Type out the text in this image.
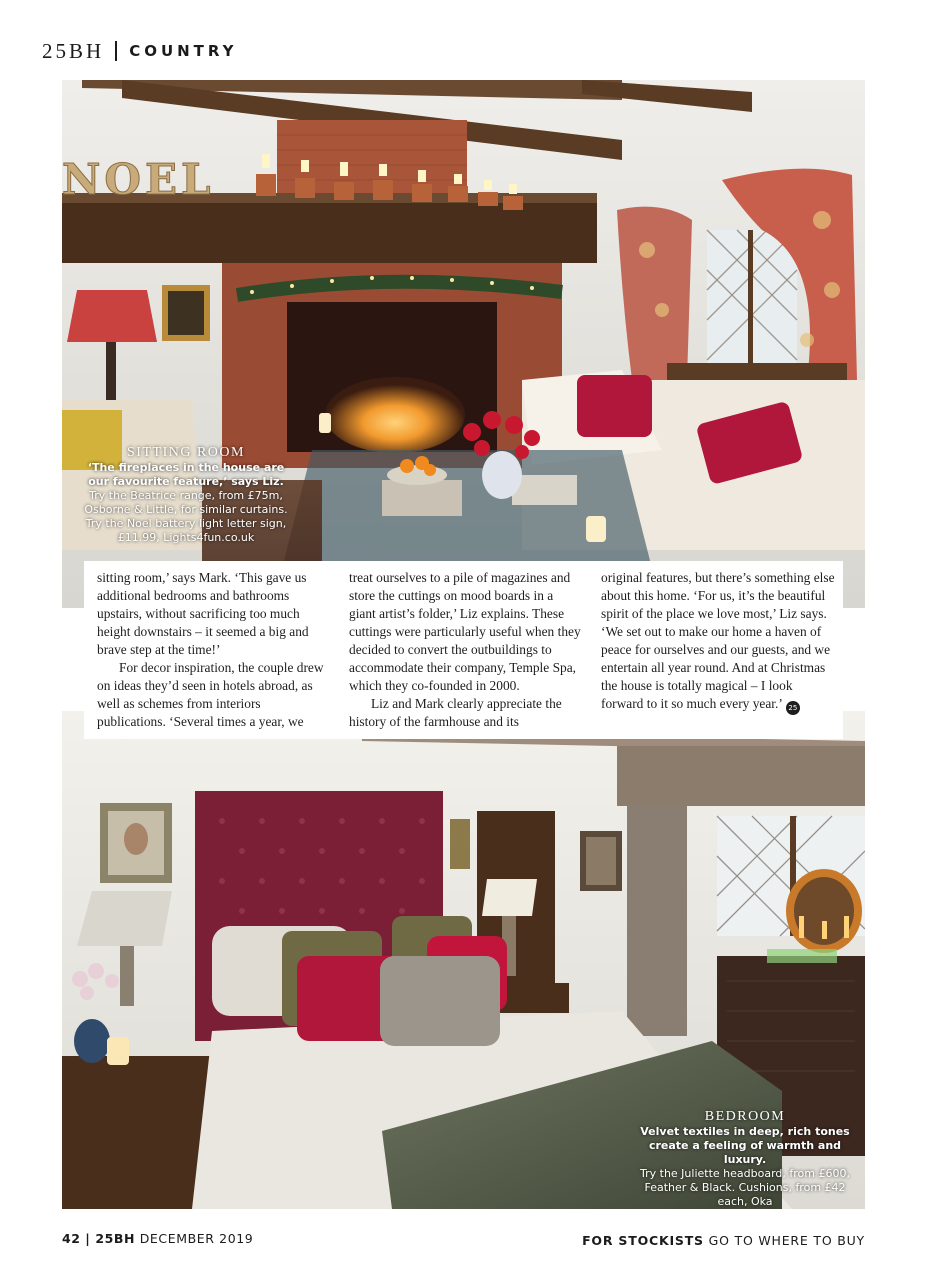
25BH COUNTRY
NOEL
SITTING ROOM
‘The fireplaces in the house are our favourite feature,’ says Liz.
Try the Beatrice range, from £75m, Osborne & Little, for similar curtains. Try the Noel battery light letter sign, £11.99, Lights4fun.co.uk
BEDROOM
Velvet textiles in deep, rich tones create a feeling of warmth and luxury.
Try the Juliette headboard, from £600, Feather & Black. Cushions, from £42 each, Oka

sitting room,’ says Mark. ‘This gave us additional bedrooms and bathrooms upstairs, without sacrificing too much height downstairs – it seemed a big and brave step at the time!’

For decor inspiration, the couple drew on ideas they’d seen in hotels abroad, as well as schemes from interiors publications. ‘Several times a year, we

treat ourselves to a pile of magazines and store the cuttings on mood boards in a giant artist’s folder,’ Liz explains. These cuttings were particularly useful when they decided to convert the outbuildings to accommodate their company, Temple Spa, which they co-founded in 2000.

Liz and Mark clearly appreciate the history of the farmhouse and its

original features, but there’s something else about this home. ‘For us, it’s the beautiful spirit of the place we love most,’ Liz says. ‘We set out to make our home a haven of peace for ourselves and our guests, and we entertain all year round. And at Christmas the house is totally magical – I look forward to it so much every year.’ 25

42 | 25BH DECEMBER 2019	FOR STOCKISTS GO TO WHERE TO BUY
